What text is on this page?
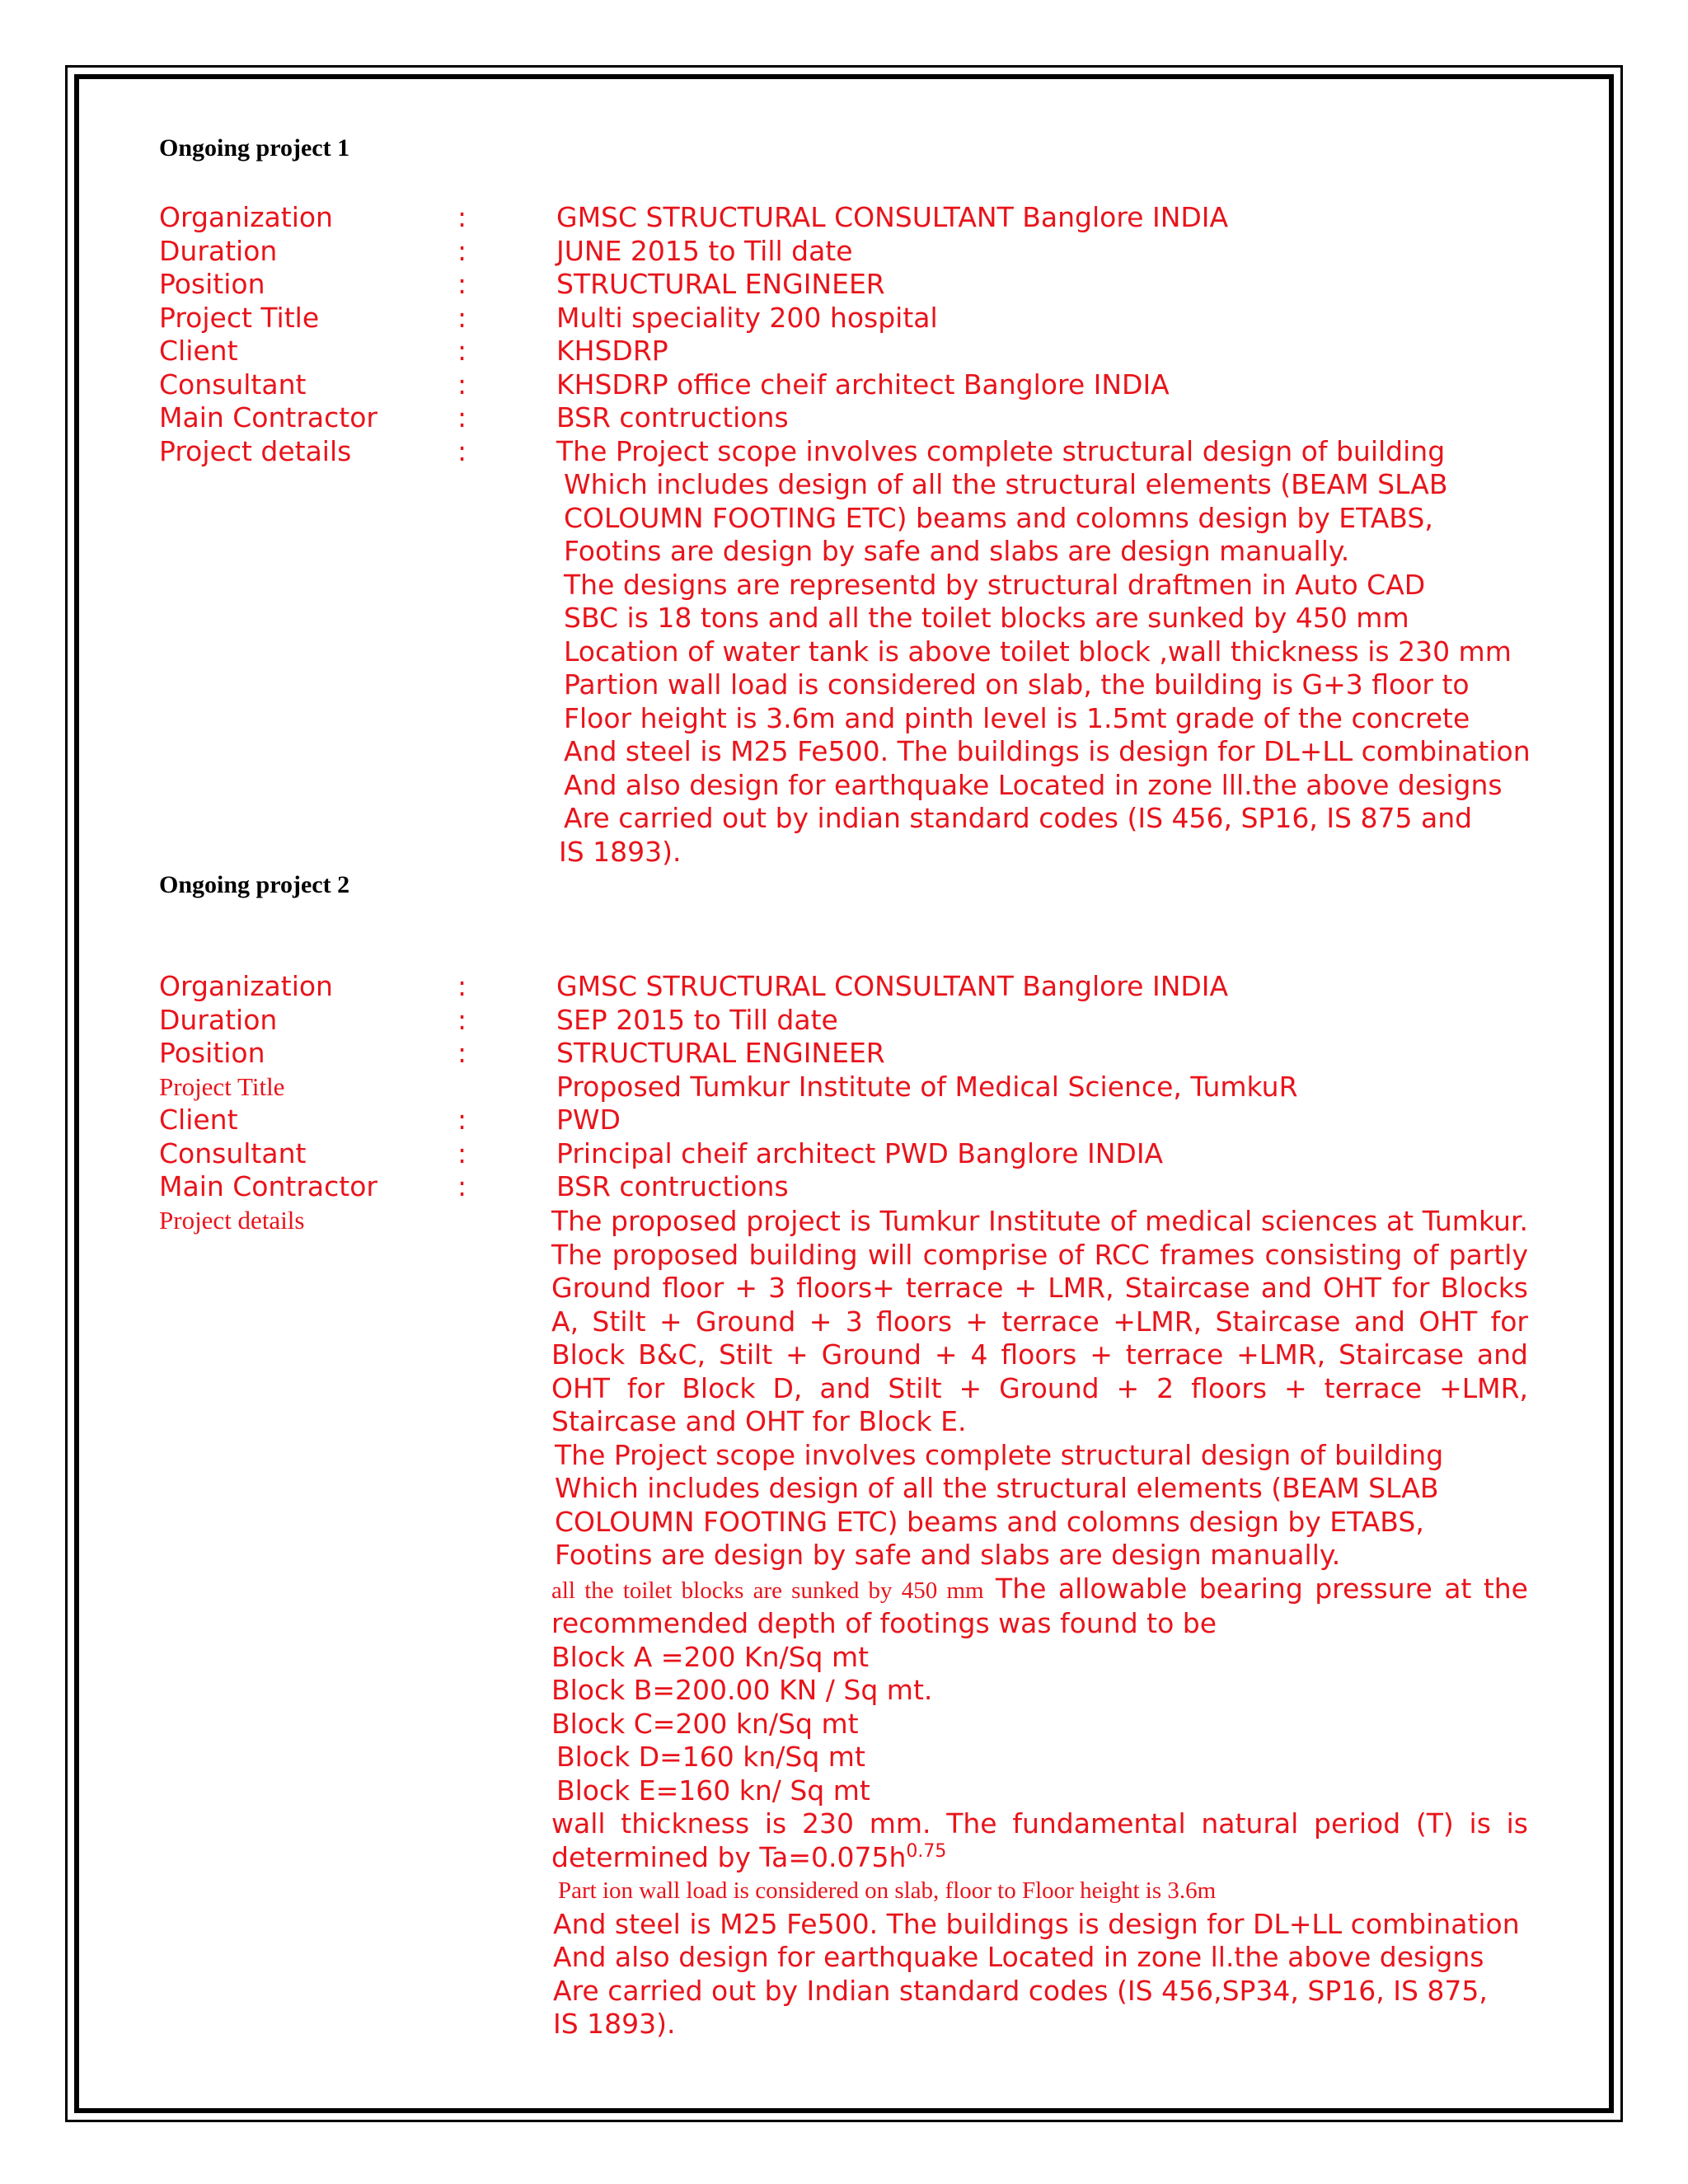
Ongoing project 1
Organization	:	GMSC STRUCTURAL CONSULTANT Banglore INDIA
Duration	:	JUNE 2015 to Till date
Position	:	STRUCTURAL ENGINEER
Project Title	:	Multi speciality 200 hospital
Client	:	KHSDRP
Consultant	:	KHSDRP office cheif architect Banglore INDIA
Main Contractor	:	BSR contructions
Project details	:	The Project scope involves complete structural design of building
Which includes design of all the structural elements (BEAM SLAB
COLOUMN FOOTING ETC) beams and colomns design by ETABS,
Footins are design by safe and slabs are design manually.
The designs are representd by structural draftmen in Auto CAD
SBC is 18 tons and all the toilet blocks are sunked by 450 mm
Location of water tank is above toilet block ,wall thickness is 230 mm
Partion wall load is considered on slab, the building is G+3 floor to
Floor height is 3.6m and pinth level is 1.5mt grade of the concrete
And steel is M25 Fe500. The buildings is design for DL+LL combination
And also design for earthquake Located in zone lll.the above designs
Are carried out by indian standard codes (IS 456, SP16, IS 875 and
IS 1893).
Ongoing project 2
Organization	:	GMSC STRUCTURAL CONSULTANT Banglore INDIA
Duration	:	SEP 2015 to Till date
Position	:	STRUCTURAL ENGINEER
Project Title	Proposed Tumkur Institute of Medical Science, TumkuR
Client	:	PWD
Consultant	:	Principal cheif architect PWD Banglore INDIA
Main Contractor	:	BSR contructions
Project details	The proposed project is Tumkur Institute of medical sciences at Tumkur. The proposed building will comprise of RCC frames consisting of partly Ground floor + 3 floors+ terrace + LMR, Staircase and OHT for Blocks A, Stilt + Ground + 3 floors + terrace +LMR, Staircase and OHT for Block B&C, Stilt + Ground + 4 floors + terrace +LMR, Staircase and OHT for Block D, and Stilt + Ground + 2 floors + terrace +LMR, Staircase and OHT for Block E.
The Project scope involves complete structural design of building
Which includes design of all the structural elements (BEAM SLAB
COLOUMN FOOTING ETC) beams and colomns design by ETABS,
Footins are design by safe and slabs are design manually.
all the toilet blocks are sunked by 450 mm The allowable bearing pressure at the recommended depth of footings was found to be
Block A =200 Kn/Sq mt
Block B=200.00 KN / Sq mt.
Block C=200 kn/Sq mt
Block D=160 kn/Sq mt
Block E=160 kn/ Sq mt
wall thickness is 230 mm. The fundamental natural period (T) is is determined by $Ta=0.075h^{0.75}$
Part ion wall load is considered on slab, floor to Floor height is 3.6m
And steel is M25 Fe500. The buildings is design for DL+LL combination
And also design for earthquake Located in zone ll.the above designs
Are carried out by Indian standard codes (IS 456,SP34, SP16, IS 875,
IS 1893).
